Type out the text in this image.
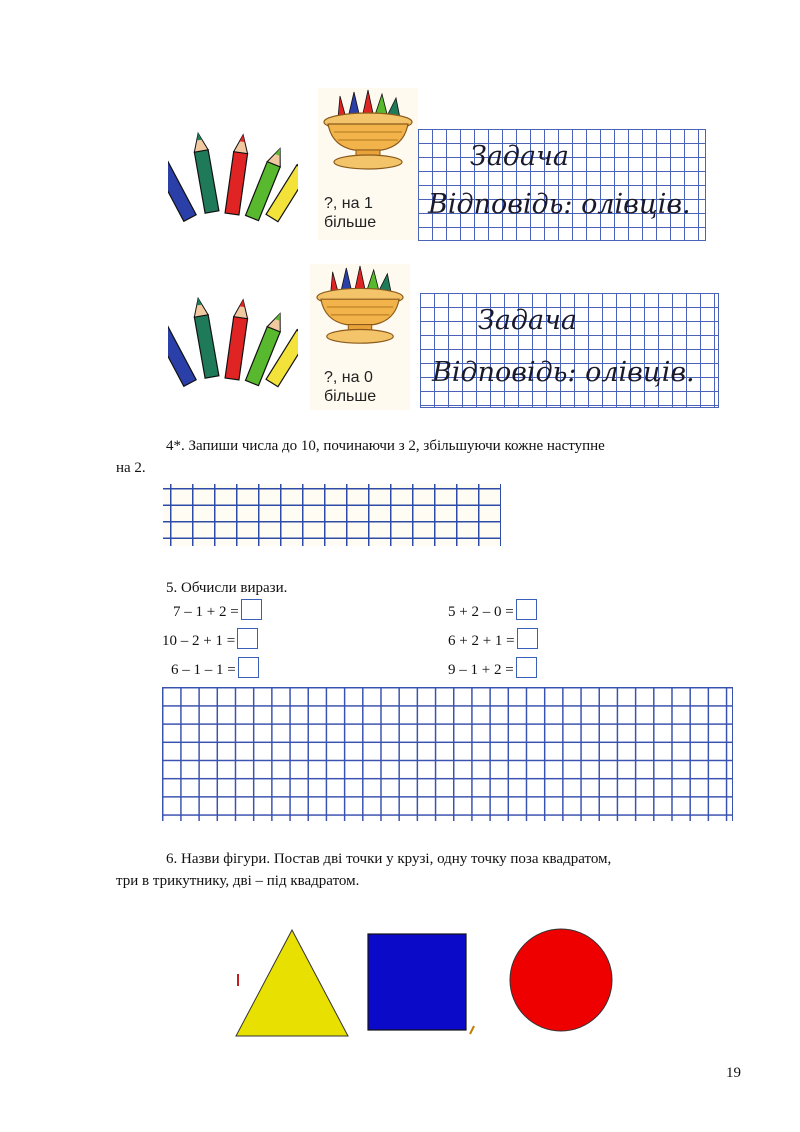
?, на 1
більше
Задача
Відповідь: олівців.
?, на 0
більше
Задача
Відповідь: олівців.
4*. Запиши числа до 10, починаючи з 2, збільшуючи кожне наступне
на 2.
5. Обчисли вирази.
7 – 1 + 2 =
10 – 2 + 1 =
6 – 1 – 1 =
5 + 2 – 0 =
6 + 2 + 1 =
9 – 1 + 2 =
6. Назви фігури. Постав дві точки у крузі, одну точку поза квадратом,
три в трикутнику, дві – під квадратом.
19
